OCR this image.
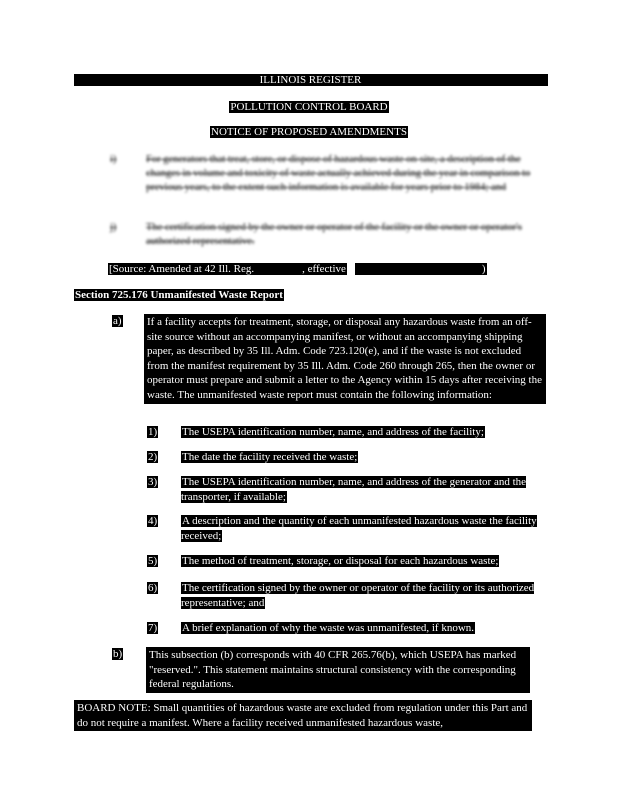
ILLINOIS REGISTER
POLLUTION CONTROL BOARD
NOTICE OF PROPOSED AMENDMENTS
i)	For generators that treat, store, or dispose of hazardous waste on-site, a description of the changes in volume and toxicity of waste actually achieved during the year in comparison to previous years, to the extent such information is available for years prior to 1984; and
j)	The certification signed by the owner or operator of the facility or the owner or operator's authorized representative.
[Source: Amended at 42 Ill. Reg.	, effective	)
Section 725.176 Unmanifested Waste Report
a) If a facility accepts for treatment, storage, or disposal any hazardous waste from an off-site source without an accompanying manifest, or without an accompanying shipping paper, as described by 35 Ill. Adm. Code 723.120(e), and if the waste is not excluded from the manifest requirement by 35 Ill. Adm. Code 260 through 265, then the owner or operator must prepare and submit a letter to the Agency within 15 days after receiving the waste. The unmanifested waste report must contain the following information:
1) The USEPA identification number, name, and address of the facility;
2) The date the facility received the waste;
3) The USEPA identification number, name, and address of the generator and the transporter, if available;
4) A description and the quantity of each unmanifested hazardous waste the facility received;
5) The method of treatment, storage, or disposal for each hazardous waste;
6) The certification signed by the owner or operator of the facility or its authorized representative; and
7) A brief explanation of why the waste was unmanifested, if known.
b) This subsection (b) corresponds with 40 CFR 265.76(b), which USEPA has marked "reserved.". This statement maintains structural consistency with the corresponding federal regulations.
BOARD NOTE: Small quantities of hazardous waste are excluded from regulation under this Part and do not require a manifest. Where a facility received unmanifested hazardous waste,
